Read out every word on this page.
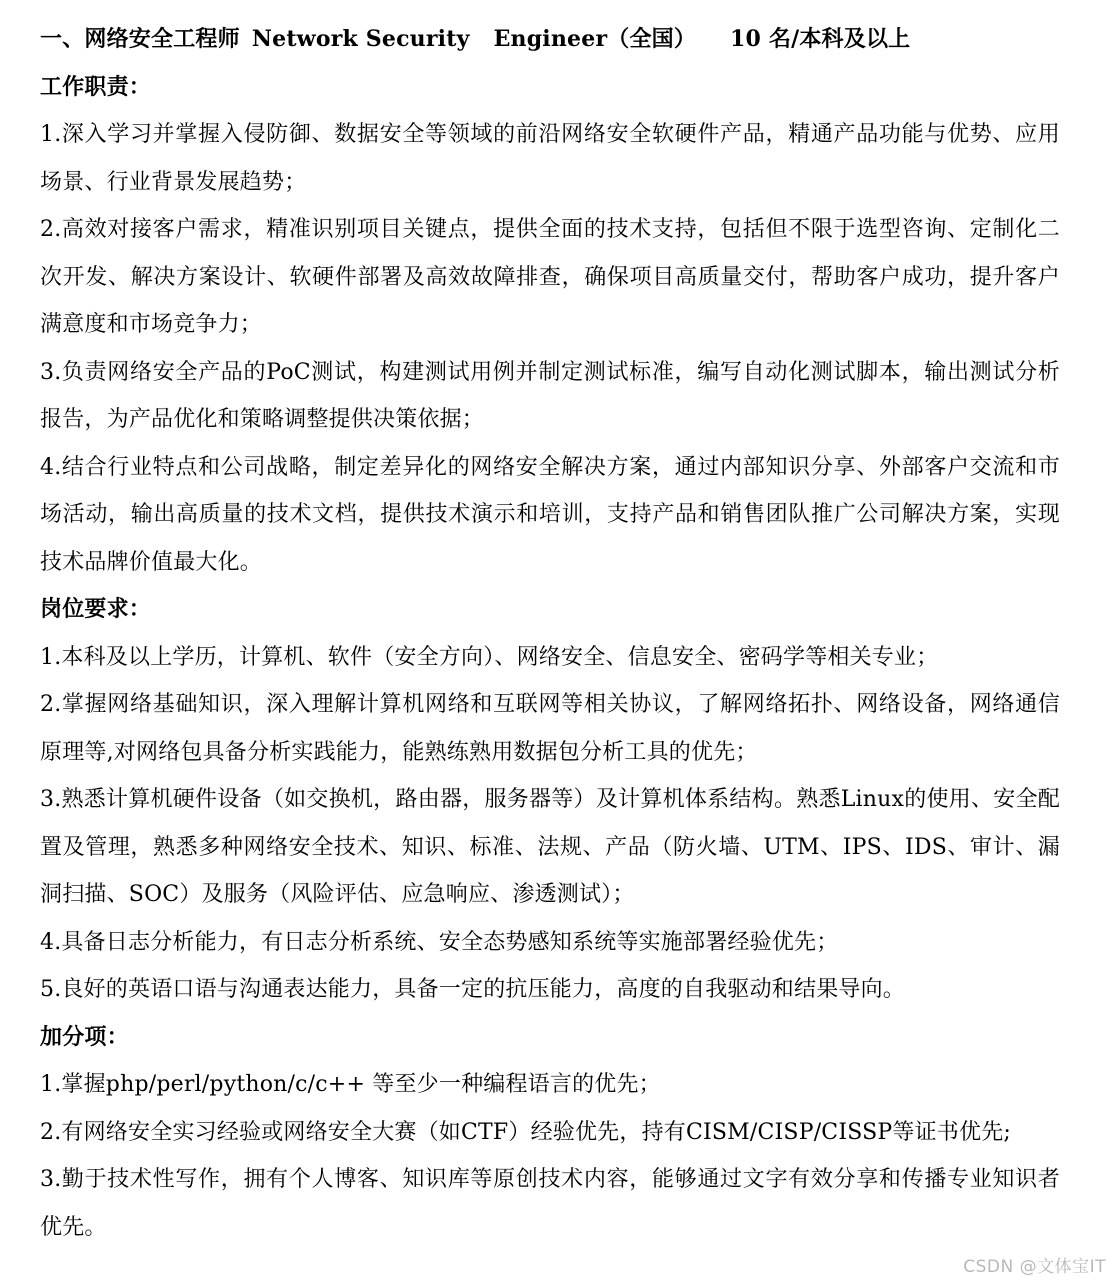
一、网络安全工程师 Network Security Engineer（全国） 10 名/本科及以上
工作职责：
1.深入学习并掌握入侵防御、数据安全等领域的前沿网络安全软硬件产品，精通产品功能与优势、应用场景、行业背景发展趋势；
2.高效对接客户需求，精准识别项目关键点，提供全面的技术支持，包括但不限于选型咨询、定制化二次开发、解决方案设计、软硬件部署及高效故障排查，确保项目高质量交付，帮助客户成功，提升客户满意度和市场竞争力；
3.负责网络安全产品的PoC测试，构建测试用例并制定测试标准，编写自动化测试脚本，输出测试分析报告，为产品优化和策略调整提供决策依据；
4.结合行业特点和公司战略，制定差异化的网络安全解决方案，通过内部知识分享、外部客户交流和市场活动，输出高质量的技术文档，提供技术演示和培训，支持产品和销售团队推广公司解决方案，实现技术品牌价值最大化。
岗位要求：
1.本科及以上学历，计算机、软件（安全方向）、网络安全、信息安全、密码学等相关专业；
2.掌握网络基础知识，深入理解计算机网络和互联网等相关协议，了解网络拓扑、网络设备，网络通信原理等,对网络包具备分析实践能力，能熟练熟用数据包分析工具的优先；
3.熟悉计算机硬件设备（如交换机，路由器，服务器等）及计算机体系结构。熟悉Linux的使用、安全配置及管理，熟悉多种网络安全技术、知识、标准、法规、产品（防火墙、UTM、IPS、IDS、审计、漏洞扫描、SOC）及服务（风险评估、应急响应、渗透测试）；
4.具备日志分析能力，有日志分析系统、安全态势感知系统等实施部署经验优先；
5.良好的英语口语与沟通表达能力，具备一定的抗压能力，高度的自我驱动和结果导向。
加分项：
1.掌握php/perl/python/c/c++ 等至少一种编程语言的优先；
2.有网络安全实习经验或网络安全大赛（如CTF）经验优先，持有CISM/CISP/CISSP等证书优先;
3.勤于技术性写作，拥有个人博客、知识库等原创技术内容，能够通过文字有效分享和传播专业知识者优先。
CSDN @文体宝IT
